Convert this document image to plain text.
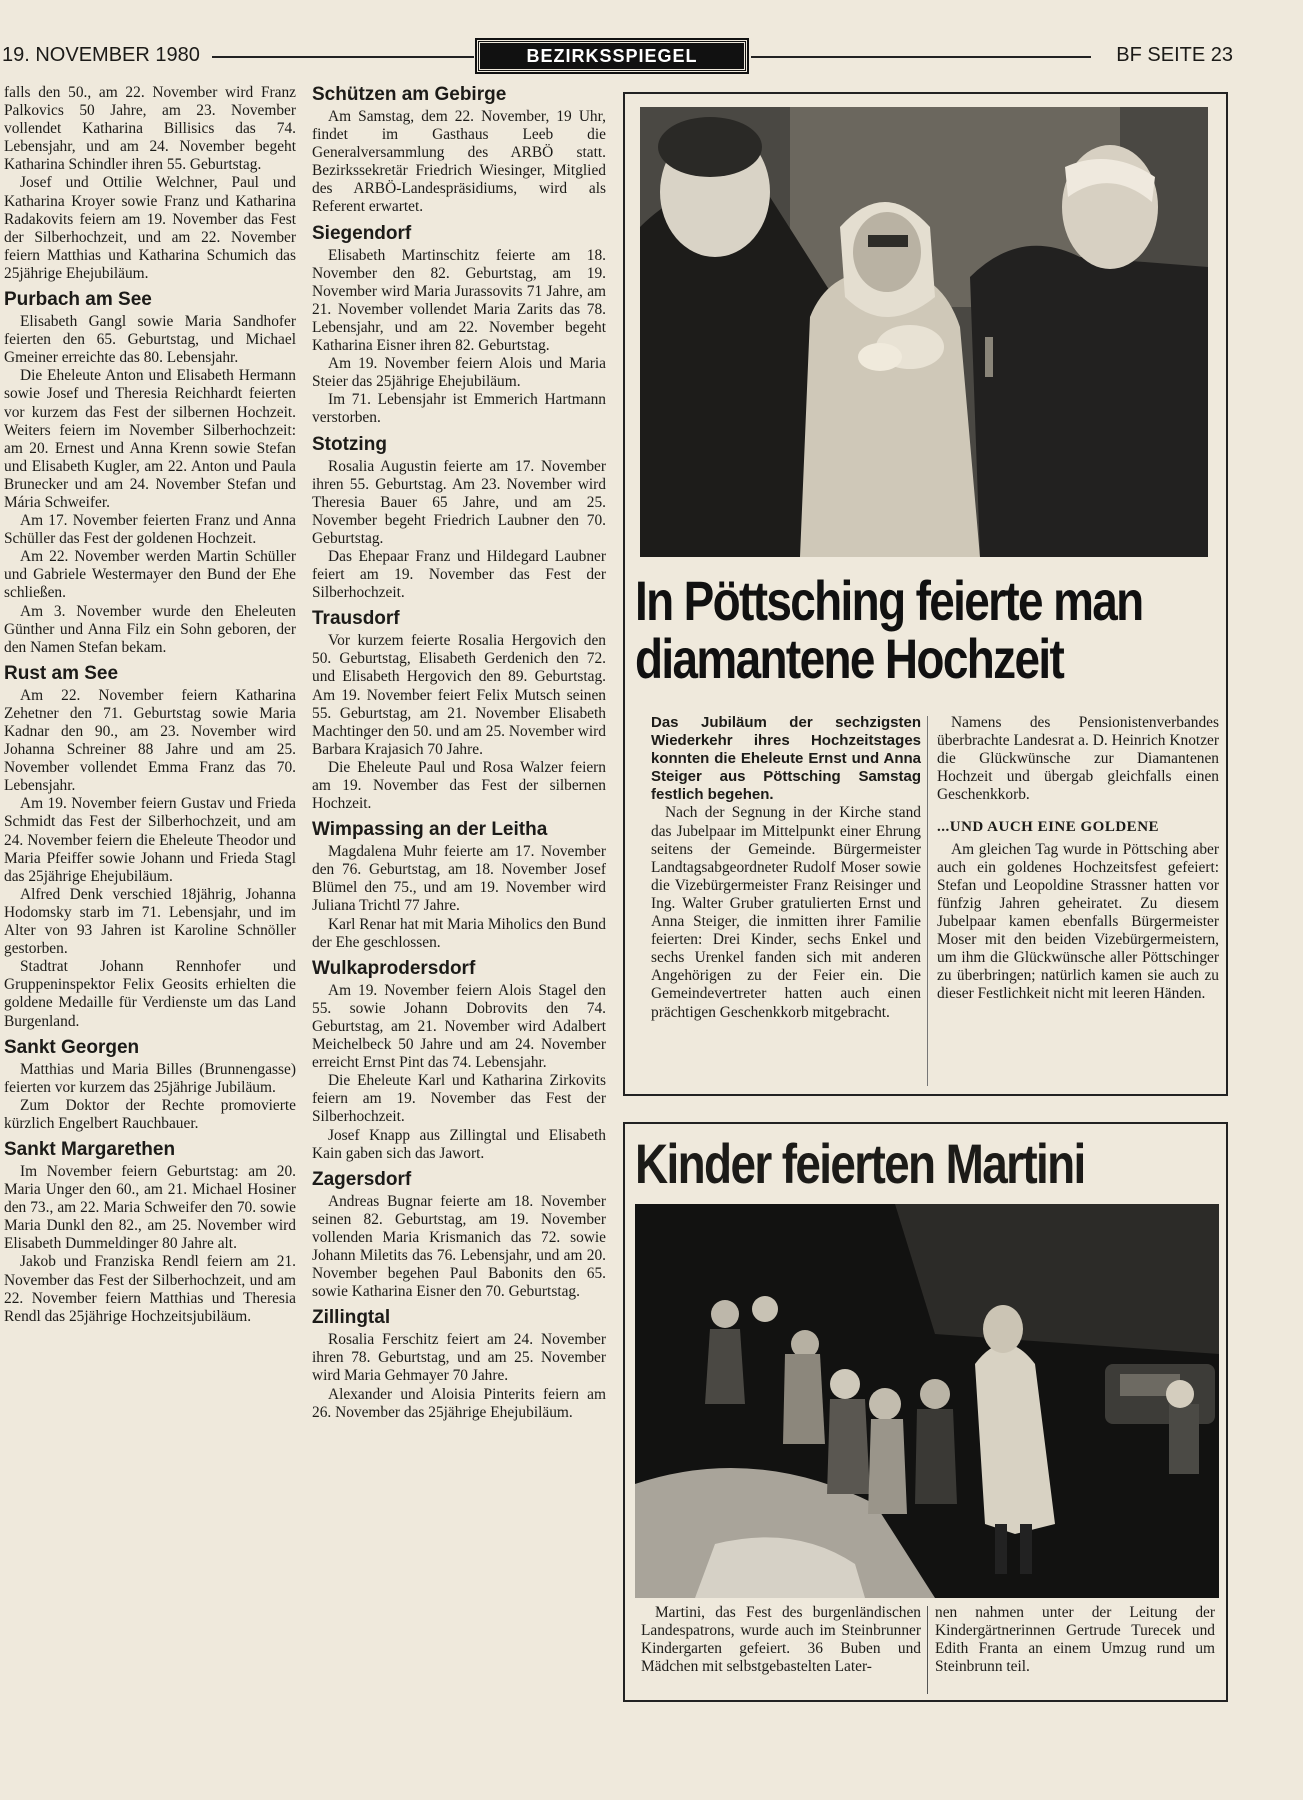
19. NOVEMBER 1980	BEZIRKSSPIEGEL	BF SEITE 23

falls den 50., am 22. November wird Franz Palkovics 50 Jahre, am 23. November vollendet Katharina Billisics das 74. Lebensjahr, und am 24. November begeht Katharina Schindler ihren 55. Geburtstag.

Josef und Ottilie Welchner, Paul und Katharina Kroyer sowie Franz und Katharina Radakovits feiern am 19. November das Fest der Silberhochzeit, und am 22. November feiern Matthias und Katharina Schumich das 25jährige Ehejubiläum.

Purbach am See

Elisabeth Gangl sowie Maria Sandhofer feierten den 65. Geburtstag, und Michael Gmeiner erreichte das 80. Lebensjahr.

Die Eheleute Anton und Elisabeth Hermann sowie Josef und Theresia Reichhardt feierten vor kurzem das Fest der silbernen Hochzeit. Weiters feiern im November Silberhochzeit: am 20. Ernest und Anna Krenn sowie Stefan und Elisabeth Kugler, am 22. Anton und Paula Brunecker und am 24. November Stefan und Mária Schweifer.

Am 17. November feierten Franz und Anna Schüller das Fest der goldenen Hochzeit.

Am 22. November werden Martin Schüller und Gabriele Westermayer den Bund der Ehe schließen.

Am 3. November wurde den Eheleuten Günther und Anna Filz ein Sohn geboren, der den Namen Stefan bekam.

Rust am See

Am 22. November feiern Katharina Zehetner den 71. Geburtstag sowie Maria Kadnar den 90., am 23. November wird Johanna Schreiner 88 Jahre und am 25. November vollendet Emma Franz das 70. Lebensjahr.

Am 19. November feiern Gustav und Frieda Schmidt das Fest der Silberhochzeit, und am 24. November feiern die Eheleute Theodor und Maria Pfeiffer sowie Johann und Frieda Stagl das 25jährige Ehejubiläum.

Alfred Denk verschied 18jährig, Johanna Hodomsky starb im 71. Lebensjahr, und im Alter von 93 Jahren ist Karoline Schnöller gestorben.

Stadtrat Johann Rennhofer und Gruppeninspektor Felix Geosits erhielten die goldene Medaille für Verdienste um das Land Burgenland.

Sankt Georgen

Matthias und Maria Billes (Brunnengasse) feierten vor kurzem das 25jährige Jubiläum.

Zum Doktor der Rechte promovierte kürzlich Engelbert Rauchbauer.

Sankt Margarethen

Im November feiern Geburtstag: am 20. Maria Unger den 60., am 21. Michael Hosiner den 73., am 22. Maria Schweifer den 70. sowie Maria Dunkl den 82., am 25. November wird Elisabeth Dummeldinger 80 Jahre alt.

Jakob und Franziska Rendl feiern am 21. November das Fest der Silberhochzeit, und am 22. November feiern Matthias und Theresia Rendl das 25jährige Hochzeitsjubiläum.

Schützen am Gebirge

Am Samstag, dem 22. November, 19 Uhr, findet im Gasthaus Leeb die Generalversammlung des ARBÖ statt. Bezirkssekretär Friedrich Wiesinger, Mitglied des ARBÖ-Landespräsidiums, wird als Referent erwartet.

Siegendorf

Elisabeth Martinschitz feierte am 18. November den 82. Geburtstag, am 19. November wird Maria Jurassovits 71 Jahre, am 21. November vollendet Maria Zarits das 78. Lebensjahr, und am 22. November begeht Katharina Eisner ihren 82. Geburtstag.

Am 19. November feiern Alois und Maria Steier das 25jährige Ehejubiläum.

Im 71. Lebensjahr ist Emmerich Hartmann verstorben.

Stotzing

Rosalia Augustin feierte am 17. November ihren 55. Geburtstag. Am 23. November wird Theresia Bauer 65 Jahre, und am 25. November begeht Friedrich Laubner den 70. Geburtstag.

Das Ehepaar Franz und Hildegard Laubner feiert am 19. November das Fest der Silberhochzeit.

Trausdorf

Vor kurzem feierte Rosalia Hergovich den 50. Geburtstag, Elisabeth Gerdenich den 72. und Elisabeth Hergovich den 89. Geburtstag. Am 19. November feiert Felix Mutsch seinen 55. Geburtstag, am 21. November Elisabeth Machtinger den 50. und am 25. November wird Barbara Krajasich 70 Jahre.

Die Eheleute Paul und Rosa Walzer feiern am 19. November das Fest der silbernen Hochzeit.

Wimpassing an der Leitha

Magdalena Muhr feierte am 17. November den 76. Geburtstag, am 18. November Josef Blümel den 75., und am 19. November wird Juliana Trichtl 77 Jahre.

Karl Renar hat mit Maria Miholics den Bund der Ehe geschlossen.

Wulkaprodersdorf

Am 19. November feiern Alois Stagel den 55. sowie Johann Dobrovits den 74. Geburtstag, am 21. November wird Adalbert Meichelbeck 50 Jahre und am 24. November erreicht Ernst Pint das 74. Lebensjahr.

Die Eheleute Karl und Katharina Zirkovits feiern am 19. November das Fest der Silberhochzeit.

Josef Knapp aus Zillingtal und Elisabeth Kain gaben sich das Jawort.

Zagersdorf

Andreas Bugnar feierte am 18. November seinen 82. Geburtstag, am 19. November vollenden Maria Krismanich das 72. sowie Johann Miletits das 76. Lebensjahr, und am 20. November begehen Paul Babonits den 65. sowie Katharina Eisner den 70. Geburtstag.

Zillingtal

Rosalia Ferschitz feiert am 24. November ihren 78. Geburtstag, und am 25. November wird Maria Gehmayer 70 Jahre.

Alexander und Aloisia Pinterits feiern am 26. November das 25jährige Ehejubiläum.

In Pöttsching feierte man
diamantene Hochzeit

Das Jubiläum der sechzigsten Wiederkehr ihres Hochzeitstages konnten die Eheleute Ernst und Anna Steiger aus Pöttsching Samstag festlich begehen.

Nach der Segnung in der Kirche stand das Jubelpaar im Mittelpunkt einer Ehrung seitens der Gemeinde. Bürgermeister Landtagsabgeordneter Rudolf Moser sowie die Vizebürgermeister Franz Reisinger und Ing. Walter Gruber gratulierten Ernst und Anna Steiger, die inmitten ihrer Familie feierten: Drei Kinder, sechs Enkel und sechs Urenkel fanden sich mit anderen Angehörigen zu der Feier ein. Die Gemeindevertreter hatten auch einen prächtigen Geschenkkorb mitgebracht.

Namens des Pensionistenverbandes überbrachte Landesrat a. D. Heinrich Knotzer die Glückwünsche zur Diamantenen Hochzeit und übergab gleichfalls einen Geschenkkorb.

...UND AUCH EINE GOLDENE

Am gleichen Tag wurde in Pöttsching aber auch ein goldenes Hochzeitsfest gefeiert: Stefan und Leopoldine Strassner hatten vor fünfzig Jahren geheiratet. Zu diesem Jubelpaar kamen ebenfalls Bürgermeister Moser mit den beiden Vizebürgermeistern, um ihm die Glückwünsche aller Pöttschinger zu überbringen; natürlich kamen sie auch zu dieser Festlichkeit nicht mit leeren Händen.

Kinder feierten Martini

Martini, das Fest des burgenländischen Landespatrons, wurde auch im Steinbrunner Kindergarten gefeiert. 36 Buben und Mädchen mit selbstgebastelten Later-

nen nahmen unter der Leitung der Kindergärtnerinnen Gertrude Turecek und Edith Franta an einem Umzug rund um Steinbrunn teil.
